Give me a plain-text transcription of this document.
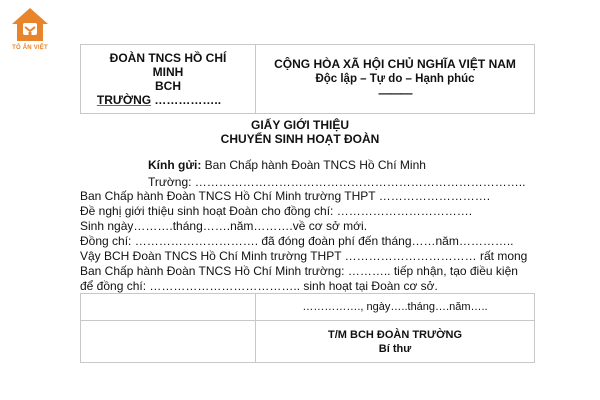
TỐ ÂN VIỆT
ĐOÀN TNCS HỒ CHÍ
MINH
BCH
TRƯỜNG ……………..	
CỘNG HÒA XÃ HỘI CHỦ NGHĨA VIỆT NAM
Độc lập – Tự do – Hạnh phúc
———
GIẤY GIỚI THIỆU
CHUYỂN SINH HOẠT ĐOÀN
Kính gửi: Ban Chấp hành Đoàn TNCS Hồ Chí Minh
Trường: ………………………………………………………………………..
Ban Chấp hành Đoàn TNCS Hồ Chí Minh trường THPT ……………………….
Đề nghị giới thiệu sinh hoạt Đoàn cho đồng chí: …………………………….
Sinh ngày……….tháng…….năm……….về cơ sở mới.
Đồng chí: …………………………. đã đóng đoàn phí đến tháng……năm…………..
Vậy BCH Đoàn TNCS Hồ Chí Minh trường THPT …………………………… rất mong
Ban Chấp hành Đoàn TNCS Hồ Chí Minh trường: ……….. tiếp nhận, tạo điều kiện
để đồng chí: ……………………………….. sinh hoạt tại Đoàn cơ sở.
	……………., ngày…..tháng….năm…..

	T/M BCH ĐOÀN TRƯỜNG
Bí thư
